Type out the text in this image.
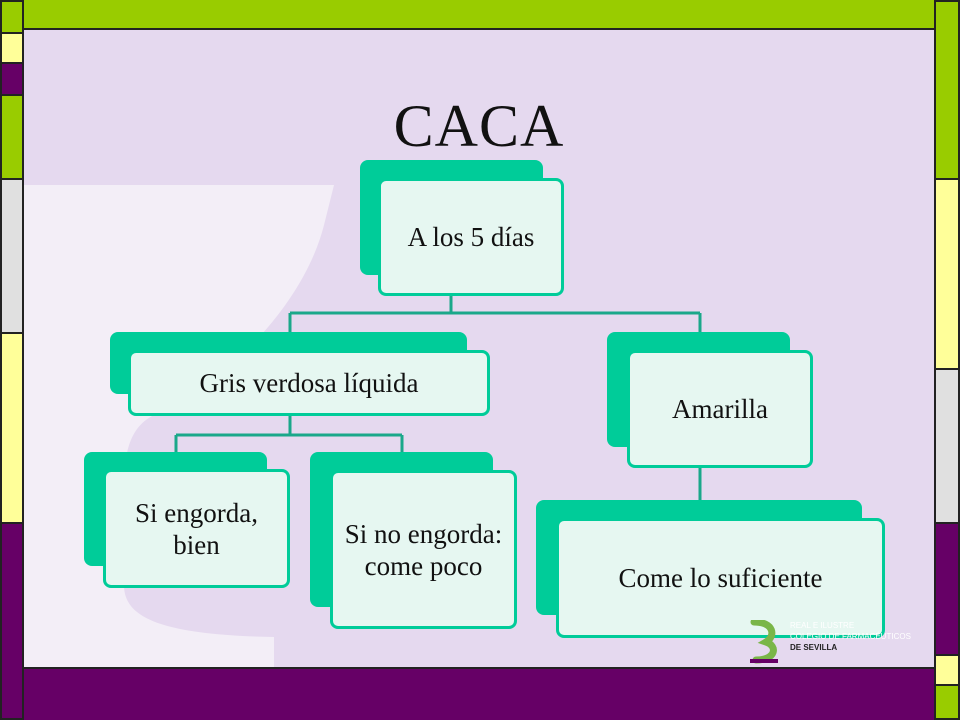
CACA
A los 5 días
Gris verdosa líquida
Amarilla
Si engorda, bien	Si no engorda: come poco	Come lo suficiente
REAL E ILUSTRE
COLEGIO DE FARMACÉUTICOS
DE SEVILLA
